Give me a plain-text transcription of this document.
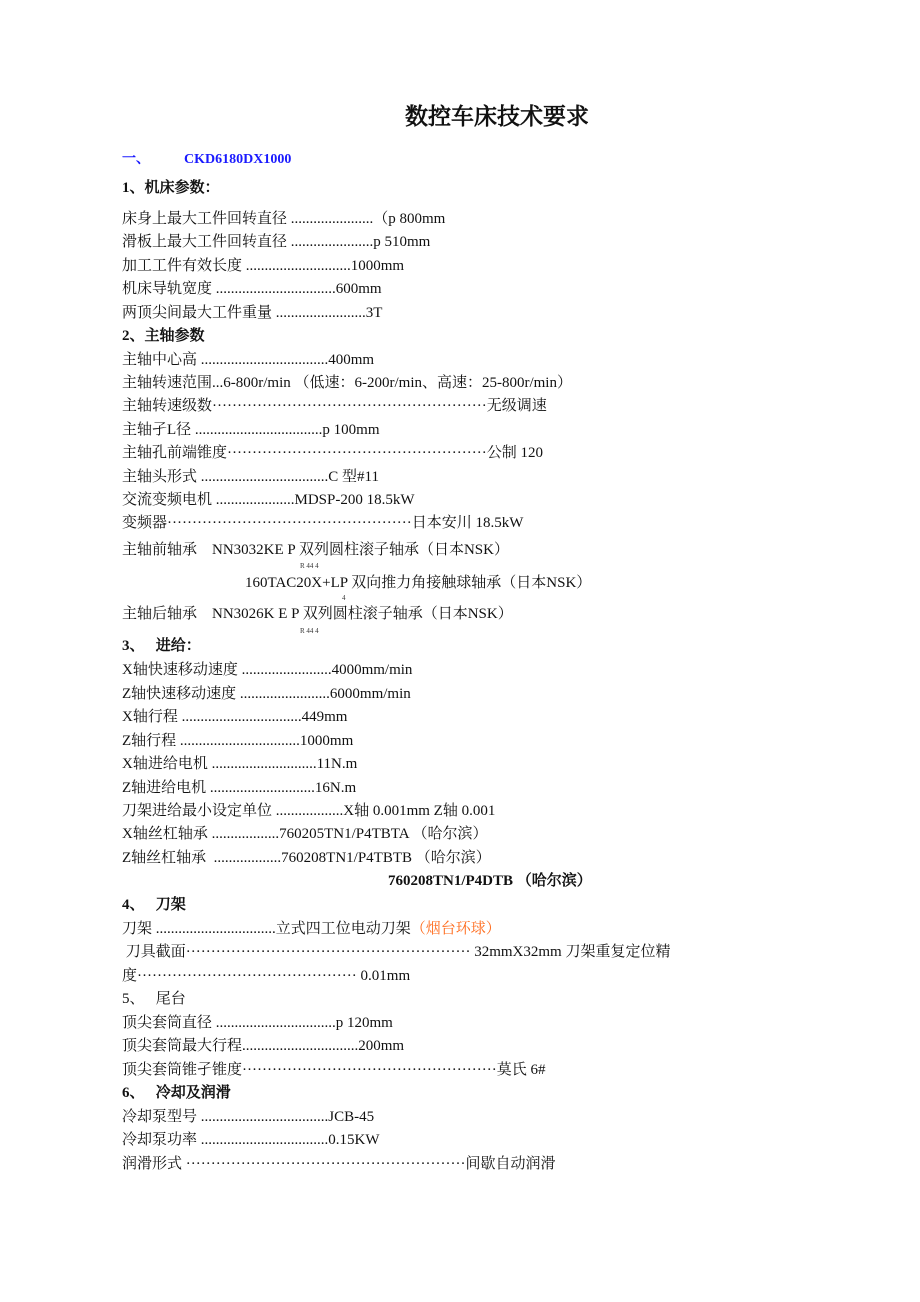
数控车床技术要求
一、 CKD6180DX1000
1、机床参数：
床身上最大工件回转直径 ......................（p 800mm
滑板上最大工件回转直径 ......................p 510mm
加工工件有效长度 ............................1000mm
机床导轨宽度 ................................600mm
两顶尖间最大工件重量 ........................3T
2、主轴参数
主轴中心高 ..................................400mm
主轴转速范围...6-800r/min （低速：6-200r/min、高速：25-800r/min）
主轴转速级数·······················································无级调速
主轴孑L径 ..................................p 100mm
主轴孔前端锥度····················································公制 120
主轴头形式 ..................................C 型#11
交流变频电机 .....................MDSP-200 18.5kW
变频器·················································日本安川 18.5kW
主轴前轴承    NN3032KE P 双列圆柱滚子轴承（日本NSK）
R 44 4
160TAC20X+LP 双向推力角接触球轴承（日本NSK）
4
主轴后轴承    NN3026K E P 双列圆柱滚子轴承（日本NSK）
R 44 4
3、   进给：
X轴快速移动速度 ........................4000mm/min
Z轴快速移动速度 ........................6000mm/min
X轴行程 ................................449mm
Z轴行程 ................................1000mm
X轴进给电机 ............................11N.m
Z轴进给电机 ............................16N.m
刀架进给最小设定单位 ..................X轴 0.001mm Z轴 0.001
X轴丝杠轴承 ..................760205TN1/P4TBTA （哈尔滨）
Z轴丝杠轴承  ..................760208TN1/P4TBTB （哈尔滨）
760208TN1/P4DTB （哈尔滨）
4、   刀架
刀架 ................................立式四工位电动刀架（烟台环球）
刀具截面························································· 32mmX32mm 刀架重复定位精
度············································ 0.01mm
5、   尾台
顶尖套筒直径 ................................p 120mm
顶尖套筒最大行程...............................200mm
顶尖套筒锥孑锥度···················································莫氏 6#
6、   冷却及润滑
冷却泵型号 ..................................JCB-45
冷却泵功率 ..................................0.15KW
润滑形式 ························································间歇自动润滑
